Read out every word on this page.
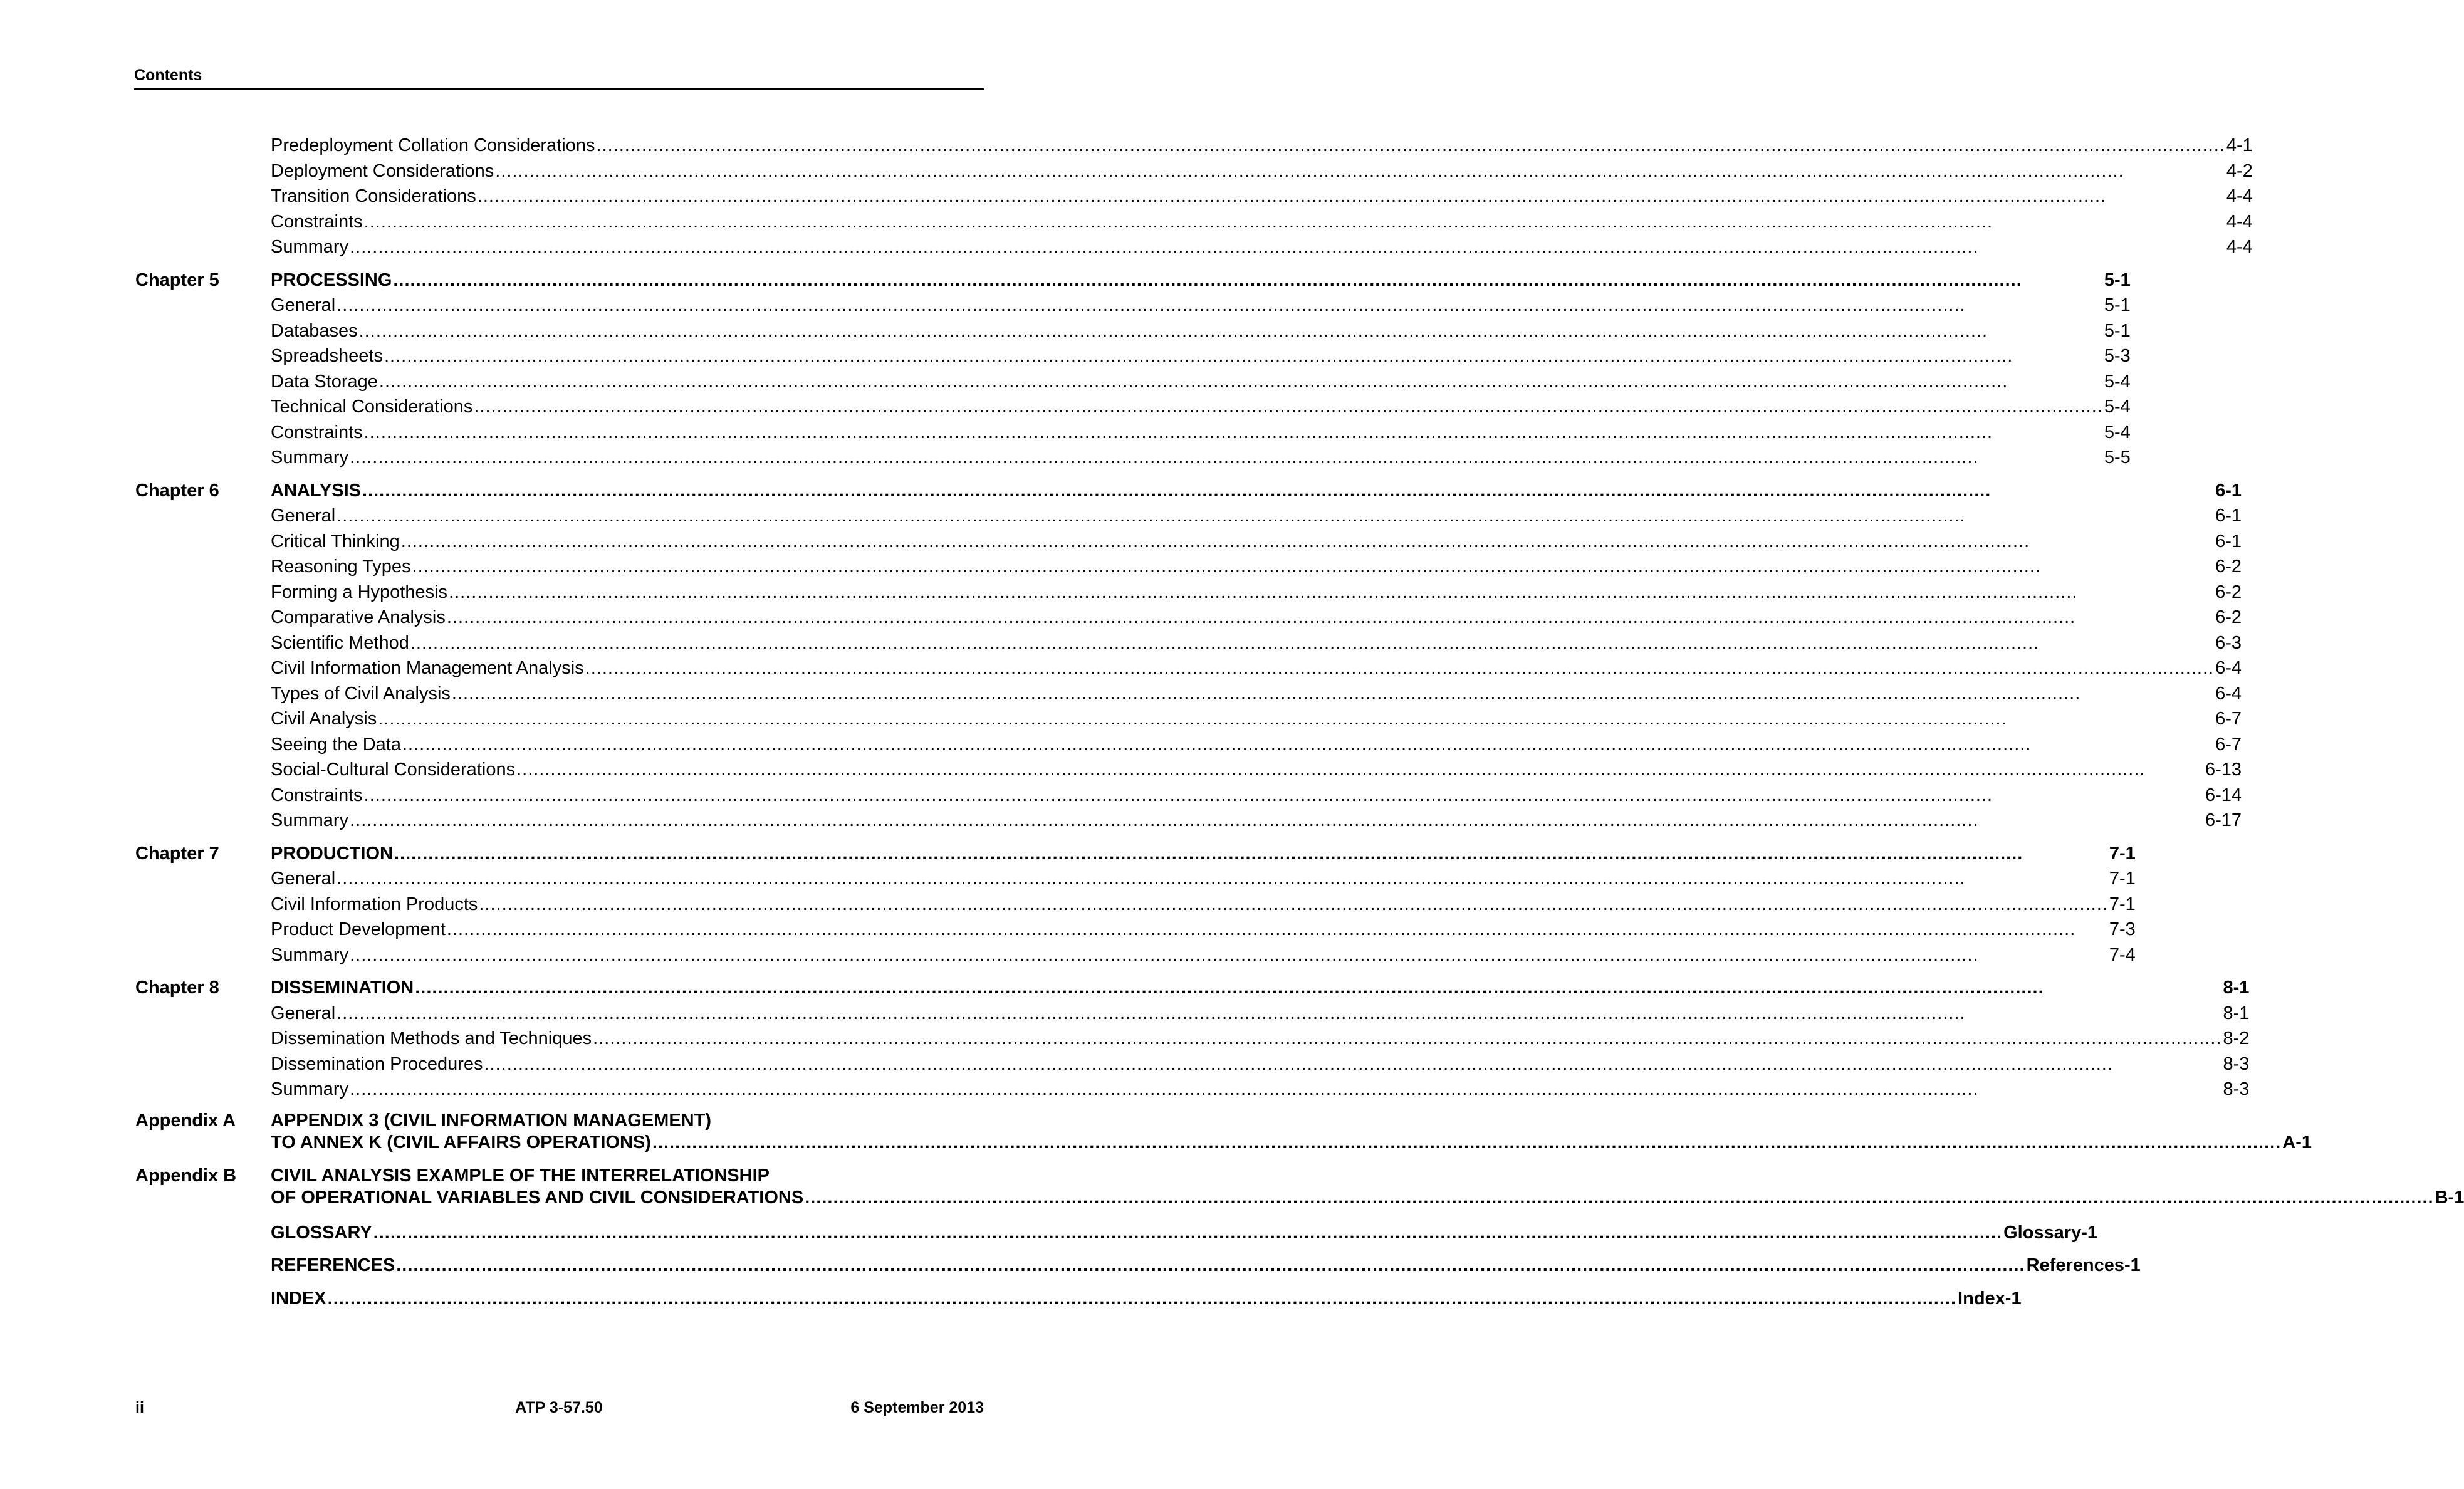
Contents
Predeployment Collation Considerations .....	4-1
Deployment Considerations .....	4-2
Transition Considerations .....	4-4
Constraints .....	4-4
Summary .....	4-4
Chapter 5	PROCESSING .....	5-1
General .....	5-1
Databases .....	5-1
Spreadsheets .....	5-3
Data Storage .....	5-4
Technical Considerations .....	5-4
Constraints .....	5-4
Summary .....	5-5
Chapter 6	ANALYSIS .....	6-1
General .....	6-1
Critical Thinking .....	6-1
Reasoning Types .....	6-2
Forming a Hypothesis .....	6-2
Comparative Analysis .....	6-2
Scientific Method .....	6-3
Civil Information Management Analysis .....	6-4
Types of Civil Analysis .....	6-4
Civil Analysis .....	6-7
Seeing the Data .....	6-7
Social-Cultural Considerations .....	6-13
Constraints .....	6-14
Summary .....	6-17
Chapter 7	PRODUCTION .....	7-1
General .....	7-1
Civil Information Products .....	7-1
Product Development .....	7-3
Summary .....	7-4
Chapter 8	DISSEMINATION .....	8-1
General .....	8-1
Dissemination Methods and Techniques .....	8-2
Dissemination Procedures .....	8-3
Summary .....	8-3
Appendix A	APPENDIX 3 (CIVIL INFORMATION MANAGEMENT)
TO ANNEX K (CIVIL AFFAIRS OPERATIONS) .....	A-1
Appendix B	CIVIL ANALYSIS EXAMPLE OF THE INTERRELATIONSHIP
OF OPERATIONAL VARIABLES AND CIVIL CONSIDERATIONS .....	B-1
GLOSSARY .....	Glossary-1
REFERENCES .....	References-1
INDEX .....	Index-1
ii	ATP 3-57.50	6 September 2013
